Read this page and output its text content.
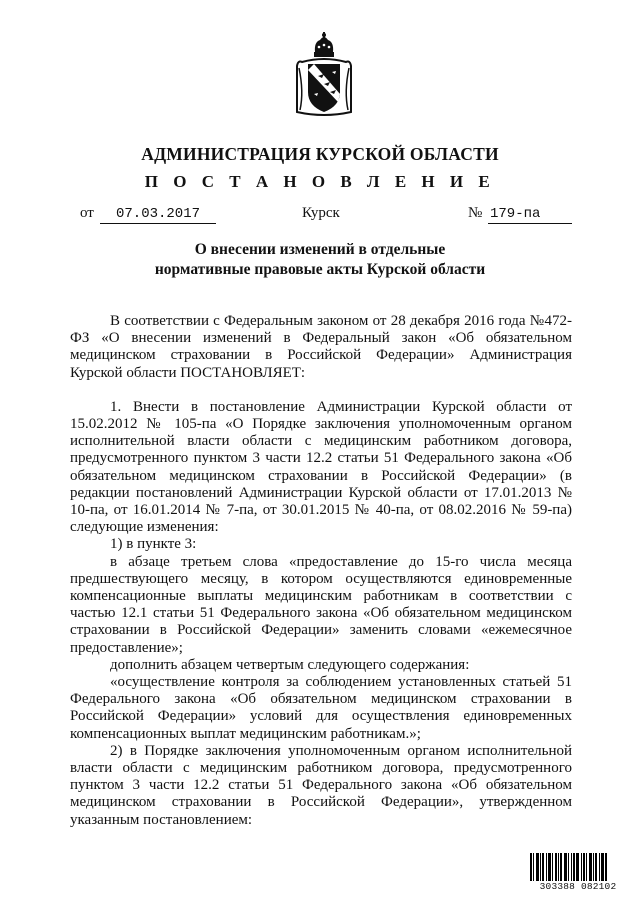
АДМИНИСТРАЦИЯ КУРСКОЙ ОБЛАСТИ
П О С Т А Н О В Л Е Н И Е
от	07.03.2017	Курск	№ 179-па
О внесении изменений в отдельные
нормативные правовые акты Курской области

В соответствии с Федеральным законом от 28 декабря 2016 года №472-ФЗ «О внесении изменений в Федеральный закон «Об обязательном медицинском страховании в Российской Федерации» Администрация Курской области ПОСТАНОВЛЯЕТ:

1. Внести в постановление Администрации Курской области от 15.02.2012 № 105-па «О Порядке заключения уполномоченным органом исполнительной власти области с медицинским работником договора, предусмотренного пунктом 3 части 12.2 статьи 51 Федерального закона «Об обязательном медицинском страховании в Российской Федерации» (в редакции постановлений Администрации Курской области от 17.01.2013 № 10-па, от 16.01.2014 № 7-па, от 30.01.2015 № 40-па, от 08.02.2016 № 59-па) следующие изменения:

1) в пункте 3:

в абзаце третьем слова «предоставление до 15-го числа месяца предшествующего месяцу, в котором осуществляются единовременные компенсационные выплаты медицинским работникам в соответствии с частью 12.1 статьи 51 Федерального закона «Об обязательном медицинском страховании в Российской Федерации» заменить словами «ежемесячное предоставление»;

дополнить абзацем четвертым следующего содержания:

«осуществление контроля за соблюдением установленных статьей 51 Федерального закона «Об обязательном медицинском страховании в Российской Федерации» условий для осуществления единовременных компенсационных выплат медицинским работникам.»;

2) в Порядке заключения уполномоченным органом исполнительной власти области с медицинским работником договора, предусмотренного пунктом 3 части 12.2 статьи 51 Федерального закона «Об обязательном медицинском страховании в Российской Федерации», утвержденном указанным постановлением:

303388 082102
